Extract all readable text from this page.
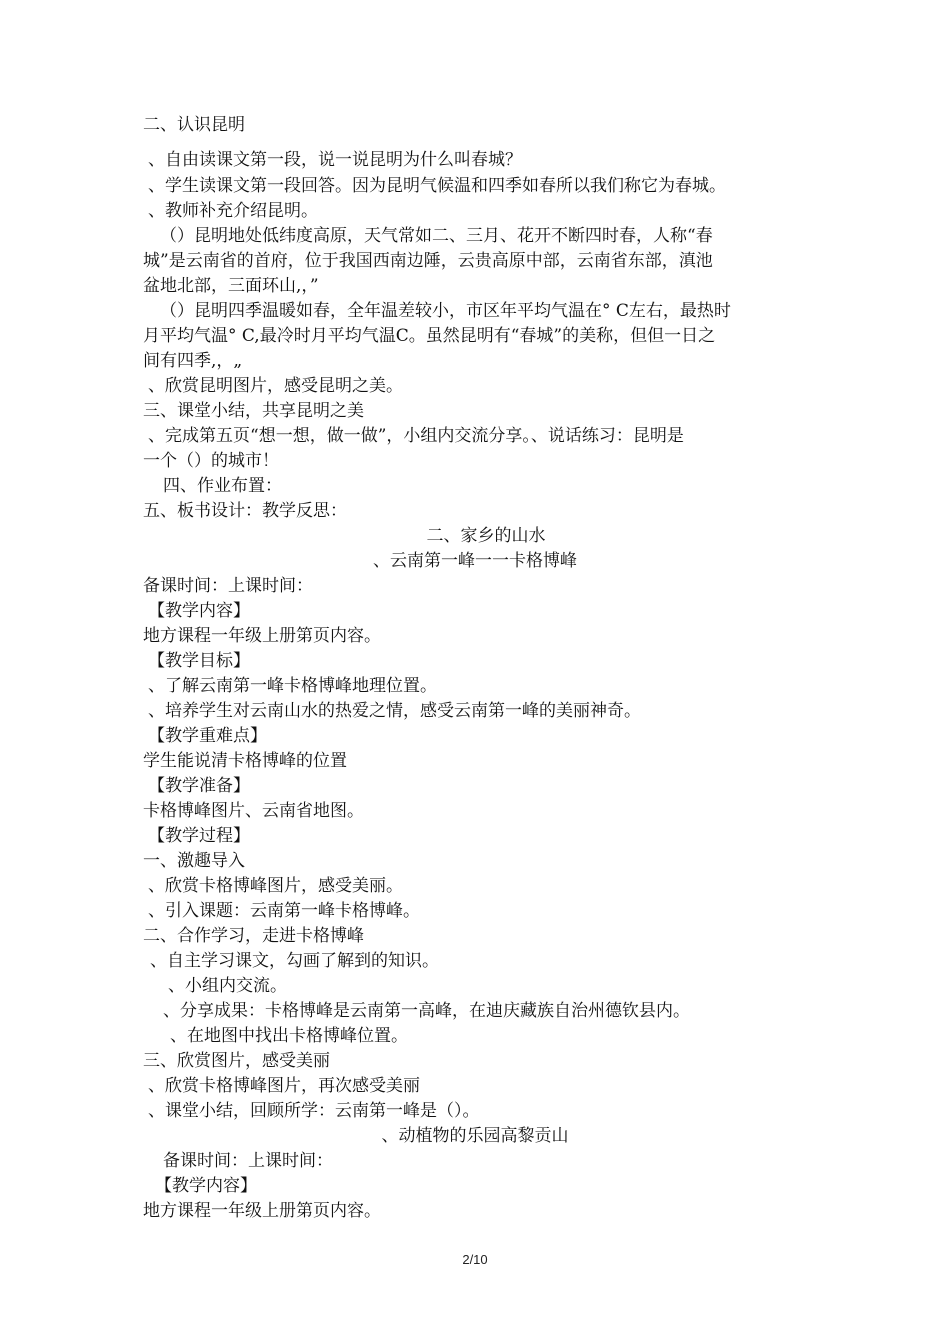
二、认识昆明
、自由读课文第一段，说一说昆明为什么叫春城？
、学生读课文第一段回答。因为昆明气候温和四季如春所以我们称它为春城。
、教师补充介绍昆明。
（）昆明地处低纬度高原，天气常如二、三月、花开不断四时春，人称“春
城”是云南省的首府，位于我国西南边陲，云贵高原中部，云南省东部，滇池
盆地北部，三面环山,，”
（）昆明四季温暖如春，全年温差较小，市区年平均气温在° C左右，最热时
月平均气温° C,最冷时月平均气温C。虽然昆明有“春城”的美称，但但一日之
间有四季,，„
、欣赏昆明图片，感受昆明之美。
三、课堂小结，共享昆明之美
、完成第五页“想一想，做一做”，小组内交流分享。、说话练习：昆明是
一个（）的城市！
四、作业布置：
五、板书设计：教学反思：
二、家乡的山水
、云南第一峰一一卡格博峰
备课时间：上课时间：
【教学内容】
地方课程一年级上册第页内容。
【教学目标】
、了解云南第一峰卡格博峰地理位置。
、培养学生对云南山水的热爱之情，感受云南第一峰的美丽神奇。
【教学重难点】
学生能说清卡格博峰的位置
【教学准备】
卡格博峰图片、云南省地图。
【教学过程】
一、激趣导入
、欣赏卡格博峰图片，感受美丽。
、引入课题：云南第一峰卡格博峰。
二、合作学习，走进卡格博峰
、自主学习课文，勾画了解到的知识。
、小组内交流。
、分享成果：卡格博峰是云南第一高峰，在迪庆藏族自治州德钦县内。
、在地图中找出卡格博峰位置。
三、欣赏图片，感受美丽
、欣赏卡格博峰图片，再次感受美丽
、课堂小结，回顾所学：云南第一峰是（）。
、动植物的乐园高黎贡山
备课时间：上课时间：
【教学内容】
地方课程一年级上册第页内容。
2/10
